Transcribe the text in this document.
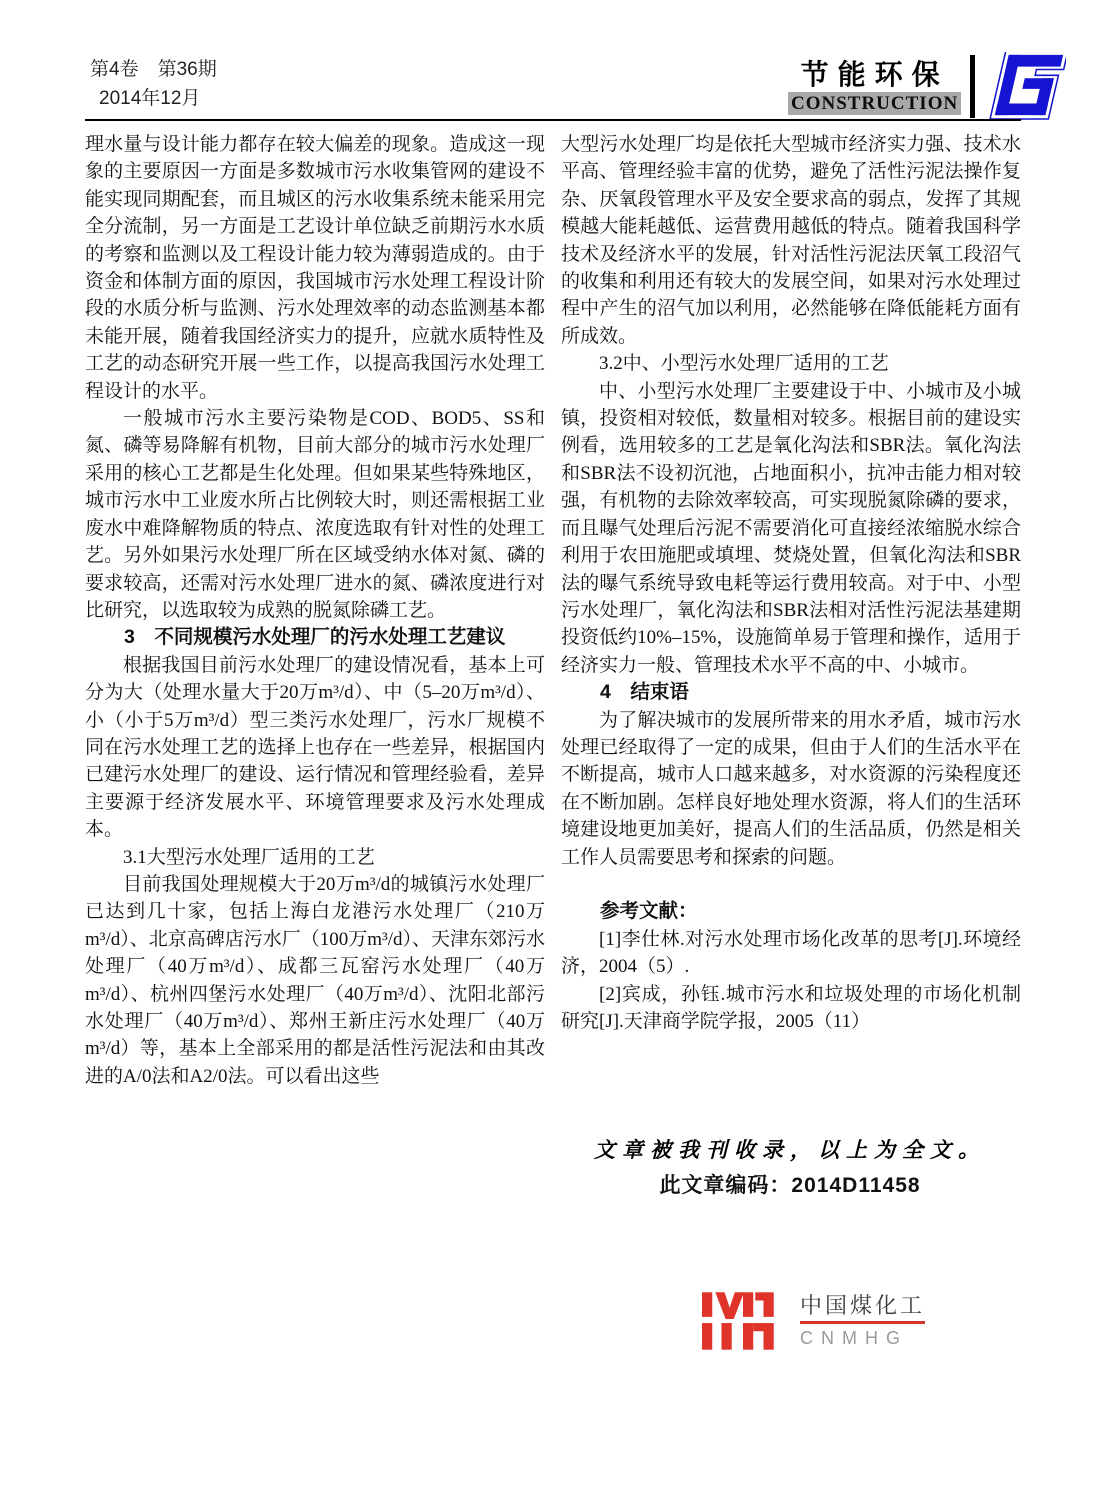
第4卷　第36期
2014年12月
节能环保
CONSTRUCTION

理水量与设计能力都存在较大偏差的现象。造成这一现象的主要原因一方面是多数城市污水收集管网的建设不能实现同期配套，而且城区的污水收集系统未能采用完全分流制，另一方面是工艺设计单位缺乏前期污水水质的考察和监测以及工程设计能力较为薄弱造成的。由于资金和体制方面的原因，我国城市污水处理工程设计阶段的水质分析与监测、污水处理效率的动态监测基本都未能开展，随着我国经济实力的提升，应就水质特性及工艺的动态研究开展一些工作，以提高我国污水处理工程设计的水平。

一般城市污水主要污染物是COD、BOD5、SS和氮、磷等易降解有机物，目前大部分的城市污水处理厂采用的核心工艺都是生化处理。但如果某些特殊地区，城市污水中工业废水所占比例较大时，则还需根据工业废水中难降解物质的特点、浓度选取有针对性的处理工艺。另外如果污水处理厂所在区域受纳水体对氮、磷的要求较高，还需对污水处理厂进水的氮、磷浓度进行对比研究，以选取较为成熟的脱氮除磷工艺。

3　不同规模污水处理厂的污水处理工艺建议

根据我国目前污水处理厂的建设情况看，基本上可分为大（处理水量大于20万m³/d）、中（5–20万m³/d）、小（小于5万m³/d）型三类污水处理厂，污水厂规模不同在污水处理工艺的选择上也存在一些差异，根据国内已建污水处理厂的建设、运行情况和管理经验看，差异主要源于经济发展水平、环境管理要求及污水处理成本。

3.1大型污水处理厂适用的工艺

目前我国处理规模大于20万m³/d的城镇污水处理厂已达到几十家，包括上海白龙港污水处理厂（210万m³/d）、北京高碑店污水厂（100万m³/d）、天津东郊污水处理厂（40万m³/d）、成都三瓦窑污水处理厂（40万m³/d）、杭州四堡污水处理厂（40万m³/d）、沈阳北部污水处理厂（40万m³/d）、郑州王新庄污水处理厂（40万m³/d）等，基本上全部采用的都是活性污泥法和由其改进的A/0法和A2/0法。可以看出这些

大型污水处理厂均是依托大型城市经济实力强、技术水平高、管理经验丰富的优势，避免了活性污泥法操作复杂、厌氧段管理水平及安全要求高的弱点，发挥了其规模越大能耗越低、运营费用越低的特点。随着我国科学技术及经济水平的发展，针对活性污泥法厌氧工段沼气的收集和利用还有较大的发展空间，如果对污水处理过程中产生的沼气加以利用，必然能够在降低能耗方面有所成效。

3.2中、小型污水处理厂适用的工艺

中、小型污水处理厂主要建设于中、小城市及小城镇，投资相对较低，数量相对较多。根据目前的建设实例看，选用较多的工艺是氧化沟法和SBR法。氧化沟法和SBR法不设初沉池，占地面积小，抗冲击能力相对较强，有机物的去除效率较高，可实现脱氮除磷的要求，而且曝气处理后污泥不需要消化可直接经浓缩脱水综合利用于农田施肥或填埋、焚烧处置，但氧化沟法和SBR法的曝气系统导致电耗等运行费用较高。对于中、小型污水处理厂，氧化沟法和SBR法相对活性污泥法基建期投资低约10%–15%，设施简单易于管理和操作，适用于经济实力一般、管理技术水平不高的中、小城市。

4　结束语

为了解决城市的发展所带来的用水矛盾，城市污水处理已经取得了一定的成果，但由于人们的生活水平在不断提高，城市人口越来越多，对水资源的污染程度还在不断加剧。怎样良好地处理水资源，将人们的生活环境建设地更加美好，提高人们的生活品质，仍然是相关工作人员需要思考和探索的问题。

参考文献：

[1]李仕林.对污水处理市场化改革的思考[J].环境经济，2004（5）.

[2]宾成，孙钰.城市污水和垃圾处理的市场化机制研究[J].天津商学院学报，2005（11）

文章被我刊收录，以上为全文。
此文章编码：2014D11458
中国煤化工
CNMHG
